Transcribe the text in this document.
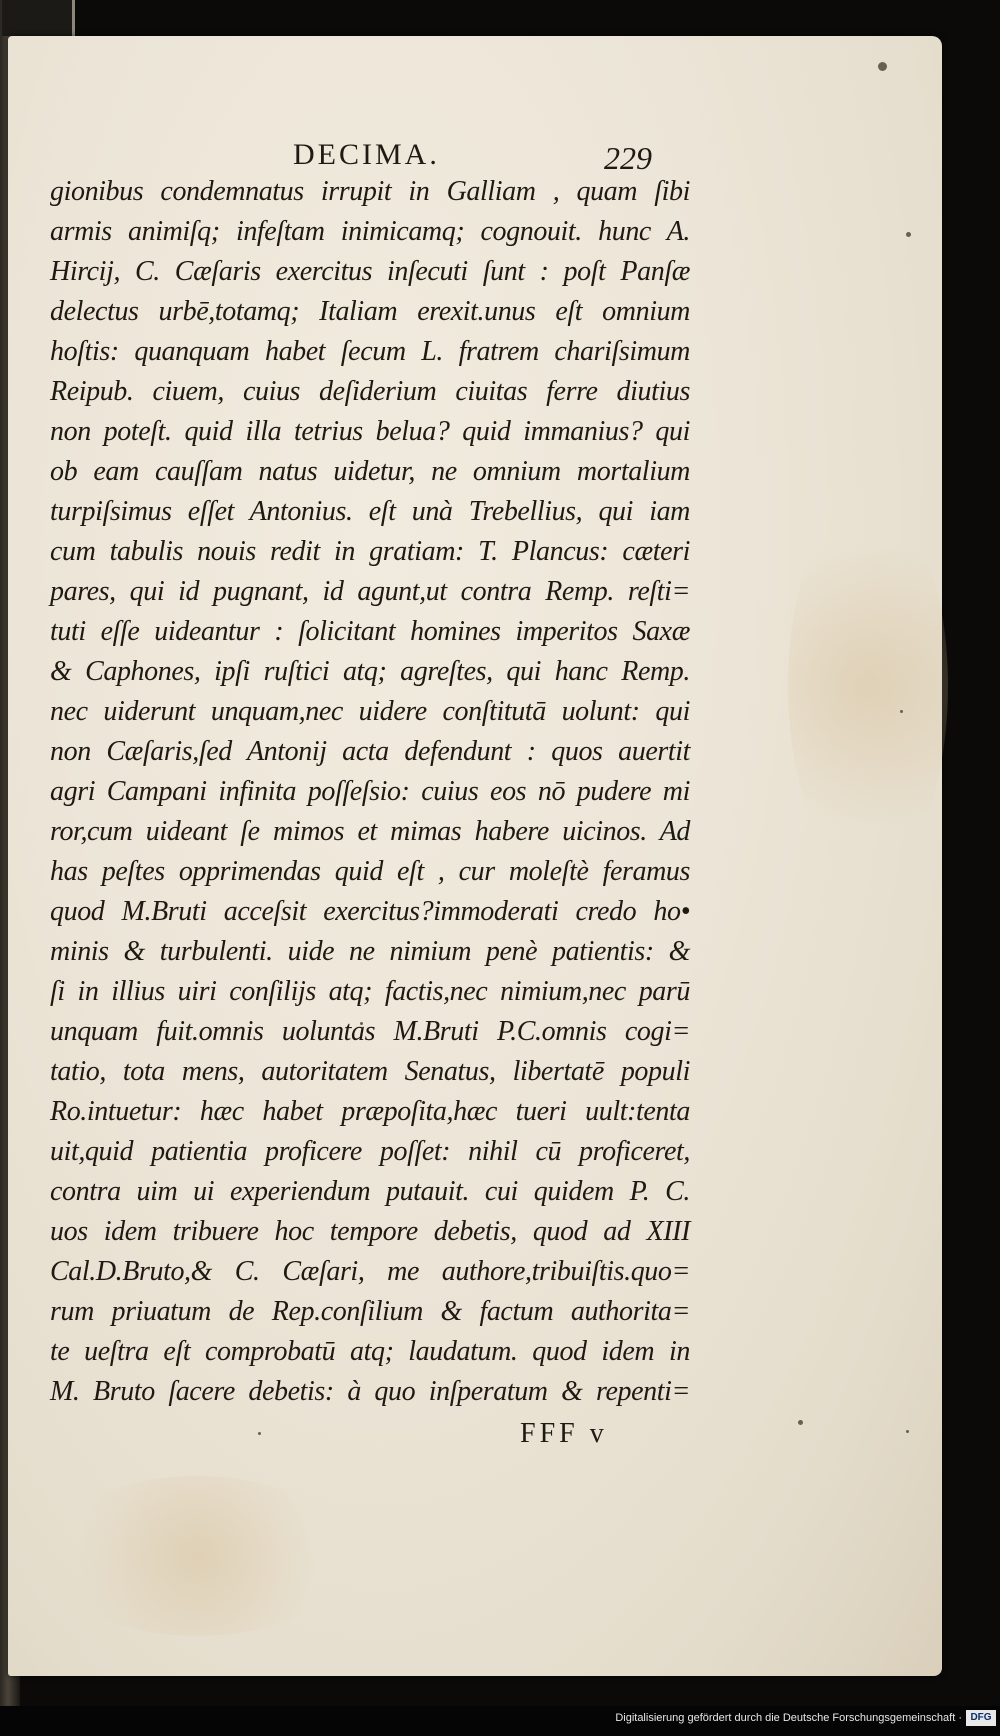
DECIMA.	229
gionibus condemnatus irrupit in Galliam , quam ſibi
armis animiſq; infeſtam inimicamq; cognouit. hunc A.
Hircij, C. Cæſaris exercitus inſecuti ſunt : poſt Panſæ
delectus urbē,totamq; Italiam erexit.unus eſt omnium
hoſtis: quanquam habet ſecum L. fratrem chariſsimum
Reipub. ciuem, cuius deſiderium ciuitas ferre diutius
non poteſt. quid illa tetrius belua? quid immanius? qui
ob eam cauſſam natus uidetur, ne omnium mortalium
turpiſsimus eſſet Antonius. eſt unà Trebellius, qui iam
cum tabulis nouis redit in gratiam: T. Plancus: cæteri
pares, qui id pugnant, id agunt,ut contra Remp. reſti=
tuti eſſe uideantur : ſolicitant homines imperitos Saxæ
& Caphones, ipſi ruſtici atq; agreſtes, qui hanc Remp.
nec uiderunt unquam,nec uidere conſtitutā uolunt: qui
non Cæſaris,ſed Antonij acta defendunt : quos auertit
agri Campani infinita poſſeſsio: cuius eos nō pudere mi
ror,cum uideant ſe mimos et mimas habere uicinos. Ad
has peſtes opprimendas quid eſt , cur moleſtè feramus
quod M.Bruti acceſsit exercitus?immoderati credo ho•
minis & turbulenti. uide ne nimium penè patientis: &
ſi in illius uiri conſilijs atq; factis,nec nimium,nec parū
unquam fuit.omnis uoluntas M.Bruti P.C.omnis cogi=
tatio, tota mens, autoritatem Senatus, libertatē populi
Ro.intuetur: hæc habet præpoſita,hæc tueri uult:tenta
uit,quid patientia proficere poſſet: nihil cū proficeret,
contra uim ui experiendum putauit. cui quidem P. C.
uos idem tribuere hoc tempore debetis, quod ad XIII
Cal.D.Bruto,& C. Cæſari, me authore,tribuiſtis.quo=
rum priuatum de Rep.conſilium & factum authorita=
te ueſtra eſt comprobatū atq; laudatum. quod idem in
M. Bruto ſacere debetis: à quo inſperatum & repenti=
FFF v
Digitalisierung gefördert durch die Deutsche Forschungsgemeinschaft · DFG
